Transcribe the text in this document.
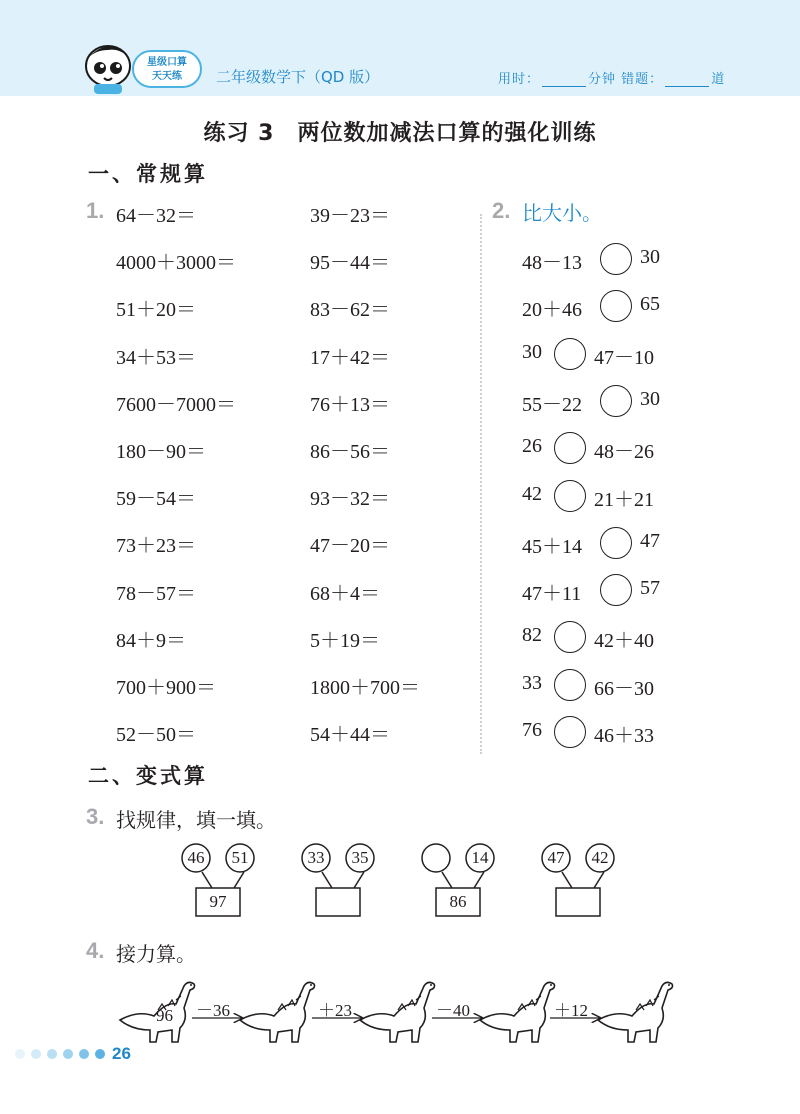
星级口算
天天练	二年级数学下（QD 版）	用时：	分钟 错题：	道
练习 3　两位数加减法口算的强化训练
一、常规算
1. 64－32＝
4000＋3000＝
51＋20＝
34＋53＝
7600－7000＝
180－90＝
59－54＝
73＋23＝
78－57＝
84＋9＝
700＋900＝
52－50＝
39－23＝
95－44＝
83－62＝
17＋42＝
76＋13＝
86－56＝
93－32＝
47－20＝
68＋4＝
5＋19＝
1800＋700＝
54＋44＝
2. 比大小。
48－13	30
20＋46	65
30	47－10
55－22	30
26	48－26
42	21＋21
45＋14	47
47＋11	57
82	42＋40
33	66－30
76	46＋33
二、变式算
3. 找规律，填一填。
46	51
97
33	35	14
86
47	42
4. 接力算。
96 －36	＋23	－40	＋12
26
